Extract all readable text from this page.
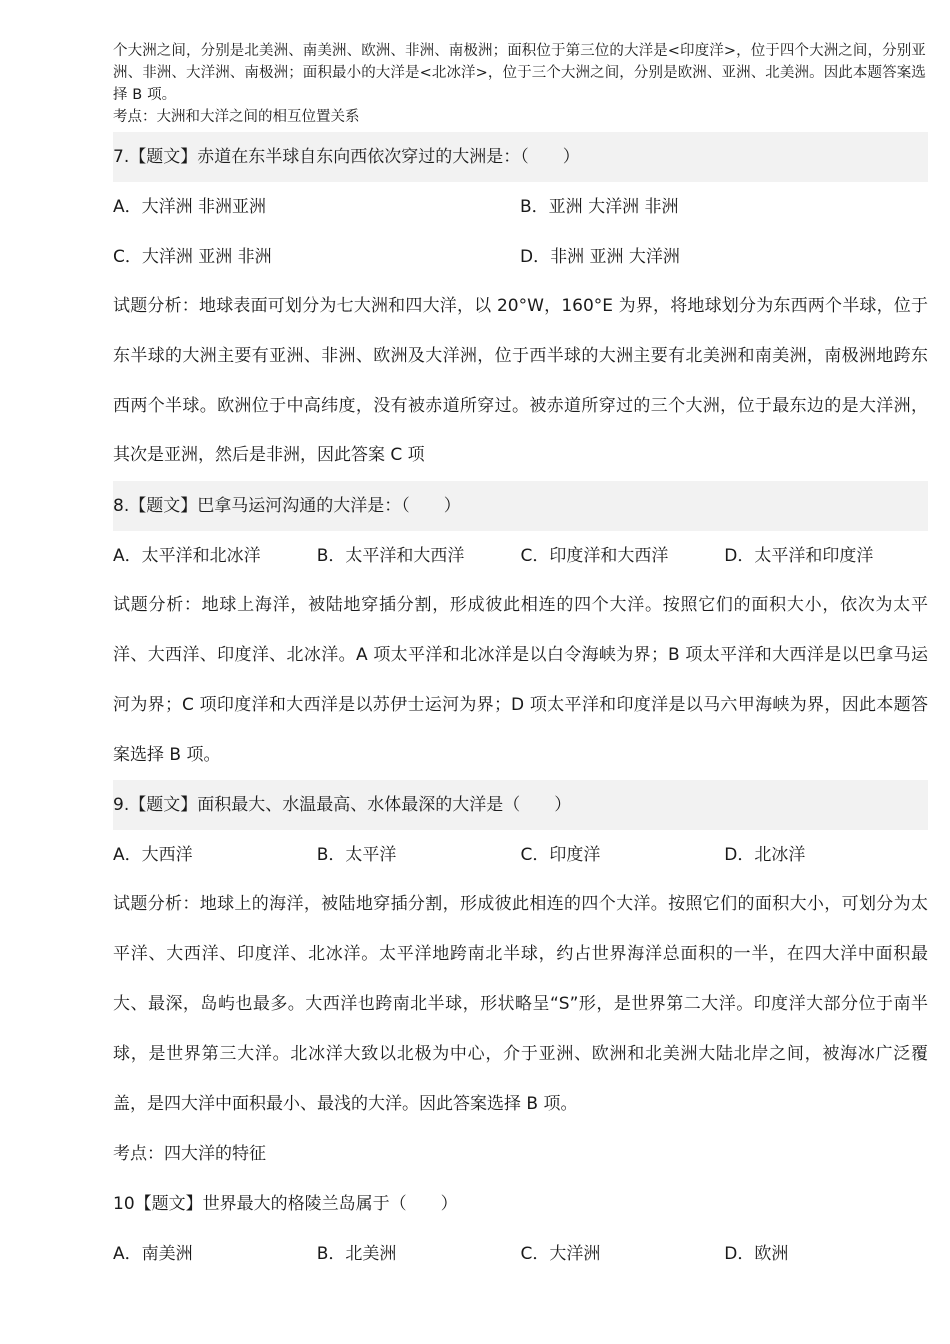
个大洲之间，分别是北美洲、南美洲、欧洲、非洲、南极洲；面积位于第三位的大洋是<印度洋>，位于四个大洲之间，分别亚洲、非洲、大洋洲、南极洲；面积最小的大洋是<北冰洋>，位于三个大洲之间，分别是欧洲、亚洲、北美洲。因此本题答案选择 B 项。

考点：大洲和大洋之间的相互位置关系

7.【题文】赤道在东半球自东向西依次穿过的大洲是：（　　）
A．大洋洲 非洲亚洲	B．亚洲 大洋洲 非洲
C．大洋洲 亚洲 非洲	D．非洲 亚洲 大洋洲

试题分析：地球表面可划分为七大洲和四大洋，以 20°W，160°E 为界，将地球划分为东西两个半球，位于东半球的大洲主要有亚洲、非洲、欧洲及大洋洲，位于西半球的大洲主要有北美洲和南美洲，南极洲地跨东西两个半球。欧洲位于中高纬度，没有被赤道所穿过。被赤道所穿过的三个大洲，位于最东边的是大洋洲，其次是亚洲，然后是非洲，因此答案 C 项

8.【题文】巴拿马运河沟通的大洋是：（　　）
A．太平洋和北冰洋	B．太平洋和大西洋	C．印度洋和大西洋	D．太平洋和印度洋

试题分析：地球上海洋，被陆地穿插分割，形成彼此相连的四个大洋。按照它们的面积大小，依次为太平洋、大西洋、印度洋、北冰洋。A 项太平洋和北冰洋是以白令海峡为界；B 项太平洋和大西洋是以巴拿马运河为界；C 项印度洋和大西洋是以苏伊士运河为界；D 项太平洋和印度洋是以马六甲海峡为界，因此本题答案选择 B 项。

9.【题文】面积最大、水温最高、水体最深的大洋是（　　）
A．大西洋	B．太平洋	C．印度洋	D．北冰洋

试题分析：地球上的海洋，被陆地穿插分割，形成彼此相连的四个大洋。按照它们的面积大小，可划分为太平洋、大西洋、印度洋、北冰洋。太平洋地跨南北半球，约占世界海洋总面积的一半，在四大洋中面积最大、最深，岛屿也最多。大西洋也跨南北半球，形状略呈“S”形，是世界第二大洋。印度洋大部分位于南半球，是世界第三大洋。北冰洋大致以北极为中心，介于亚洲、欧洲和北美洲大陆北岸之间，被海冰广泛覆盖，是四大洋中面积最小、最浅的大洋。因此答案选择 B 项。

考点：四大洋的特征

10【题文】世界最大的格陵兰岛属于（　　）
A．南美洲	B．北美洲	C．大洋洲	D．欧洲
